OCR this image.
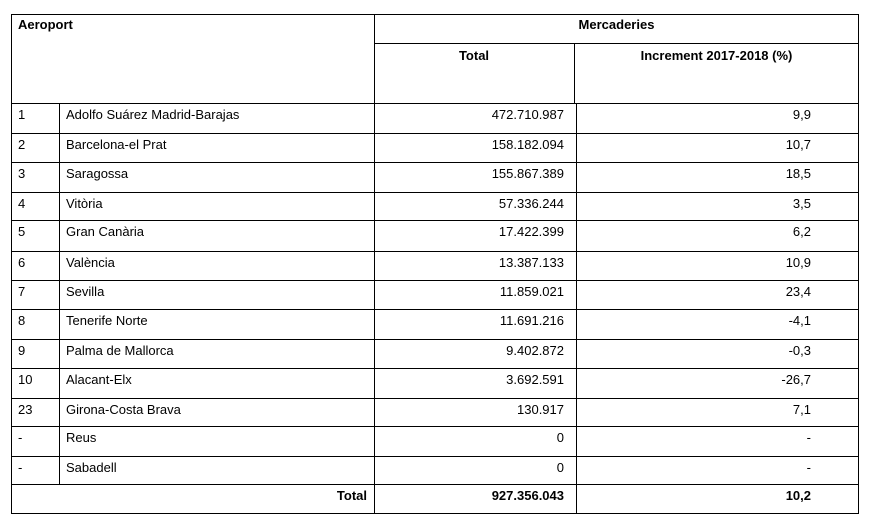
Aeroport	Mercaderies
Total	Increment 2017-2018 (%)
1	Adolfo Suárez Madrid-Barajas	472.710.987	9,9
2	Barcelona-el Prat	158.182.094	10,7
3	Saragossa	155.867.389	18,5
4	Vitòria	57.336.244	3,5
5	Gran Canària	17.422.399	6,2
6	València	13.387.133	10,9
7	Sevilla	11.859.021	23,4
8	Tenerife Norte	11.691.216	-4,1
9	Palma de Mallorca	9.402.872	-0,3
10	Alacant-Elx	3.692.591	-26,7
23	Girona-Costa Brava	130.917	7,1
-	Reus	0	-
-	Sabadell	0	-
Total	927.356.043	10,2
